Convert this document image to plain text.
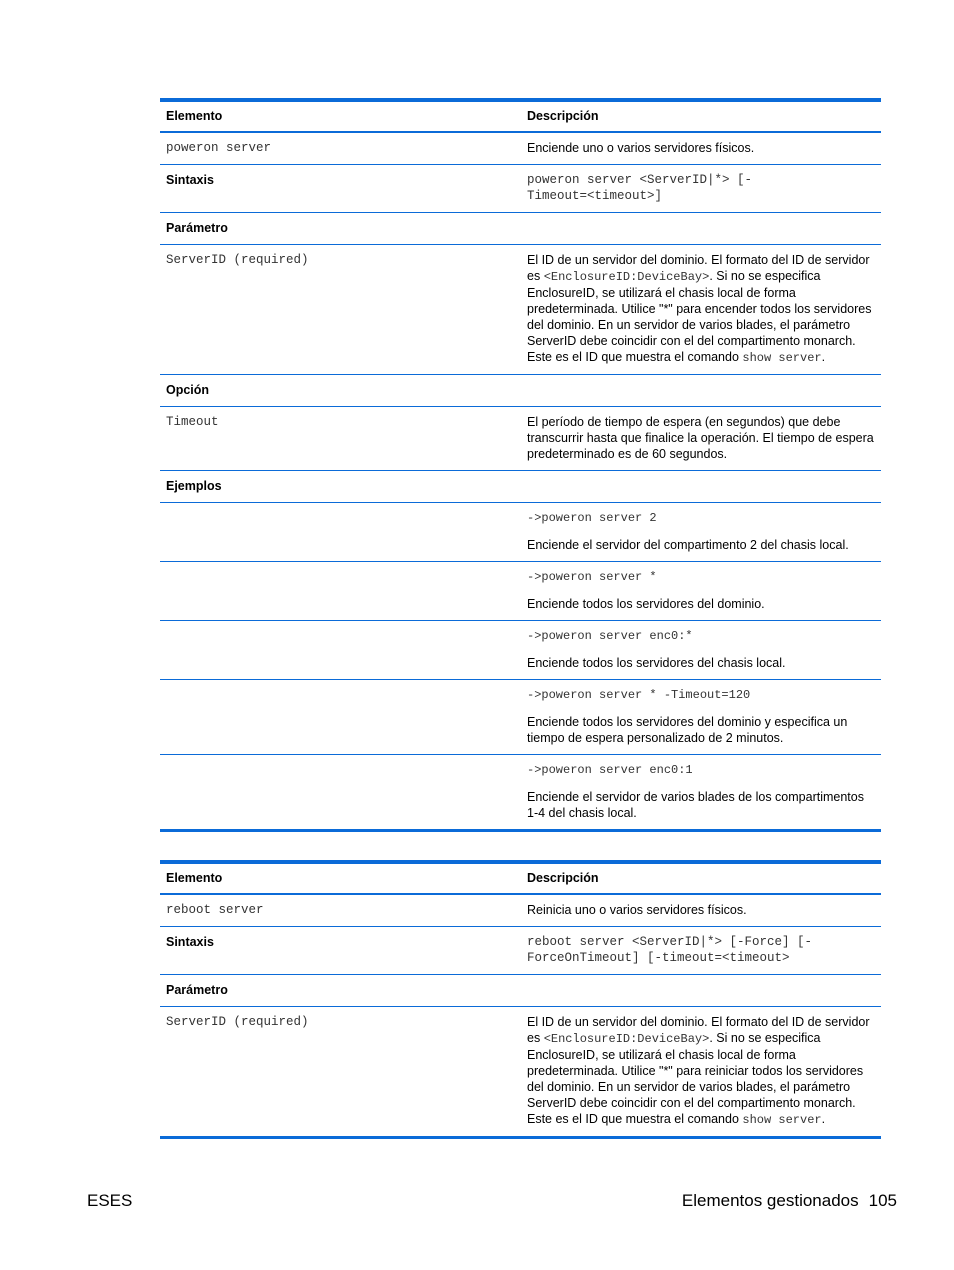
Elemento	Descripción
poweron server	Enciende uno o varios servidores físicos.
Sintaxis	poweron server <ServerID|*> [-
Timeout=<timeout>]
Parámetro	
ServerID (required)	El ID de un servidor del dominio. El formato del ID de servidor es <EnclosureID:DeviceBay>. Si no se especifica EnclosureID, se utilizará el chasis local de forma predeterminada. Utilice "*" para encender todos los servidores del dominio. En un servidor de varios blades, el parámetro ServerID debe coincidir con el del compartimento monarch. Este es el ID que muestra el comando show server.
Opción	
Timeout	El período de tiempo de espera (en segundos) que debe transcurrir hasta que finalice la operación. El tiempo de espera predeterminado es de 60 segundos.
Ejemplos	

	->poweron server 2
Enciende el servidor del compartimento 2 del chasis local.

	->poweron server *
Enciende todos los servidores del dominio.

	->poweron server enc0:*
Enciende todos los servidores del chasis local.

	->poweron server * -Timeout=120
Enciende todos los servidores del dominio y especifica un tiempo de espera personalizado de 2 minutos.

	->poweron server enc0:1
Enciende el servidor de varios blades de los compartimentos 1-4 del chasis local.
Elemento	Descripción
reboot server	Reinicia uno o varios servidores físicos.
Sintaxis	reboot server <ServerID|*> [-Force] [-
ForceOnTimeout] [-timeout=<timeout>
Parámetro	
ServerID (required)	El ID de un servidor del dominio. El formato del ID de servidor es <EnclosureID:DeviceBay>. Si no se especifica EnclosureID, se utilizará el chasis local de forma predeterminada. Utilice "*" para reiniciar todos los servidores del dominio. En un servidor de varios blades, el parámetro ServerID debe coincidir con el del compartimento monarch. Este es el ID que muestra el comando show server.
ESES	Elementos gestionados 105
